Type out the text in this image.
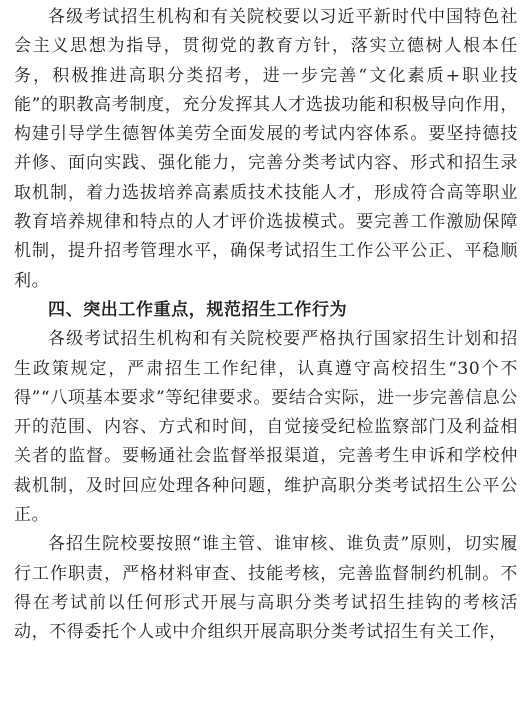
各级考试招生机构和有关院校要以习近平新时代中国特色社会主义思想为指导，贯彻党的教育方针，落实立德树人根本任务，积极推进高职分类招考，进一步完善“文化素质+职业技能”的职教高考制度，充分发挥其人才选拔功能和积极导向作用，构建引导学生德智体美劳全面发展的考试内容体系。要坚持德技并修、面向实践、强化能力，完善分类考试内容、形式和招生录取机制，着力选拔培养高素质技术技能人才，形成符合高等职业教育培养规律和特点的人才评价选拔模式。要完善工作激励保障机制，提升招考管理水平，确保考试招生工作公平公正、平稳顺利。

四、突出工作重点，规范招生工作行为

各级考试招生机构和有关院校要严格执行国家招生计划和招生政策规定，严肃招生工作纪律，认真遵守高校招生“30个不得”“八项基本要求”等纪律要求。要结合实际，进一步完善信息公开的范围、内容、方式和时间，自觉接受纪检监察部门及利益相关者的监督。要畅通社会监督举报渠道，完善考生申诉和学校仲裁机制，及时回应处理各种问题，维护高职分类考试招生公平公正。

各招生院校要按照“谁主管、谁审核、谁负责”原则，切实履行工作职责，严格材料审查、技能考核，完善监督制约机制。不得在考试前以任何形式开展与高职分类考试招生挂钩的考核活动，不得委托个人或中介组织开展高职分类考试招生有关工作，
